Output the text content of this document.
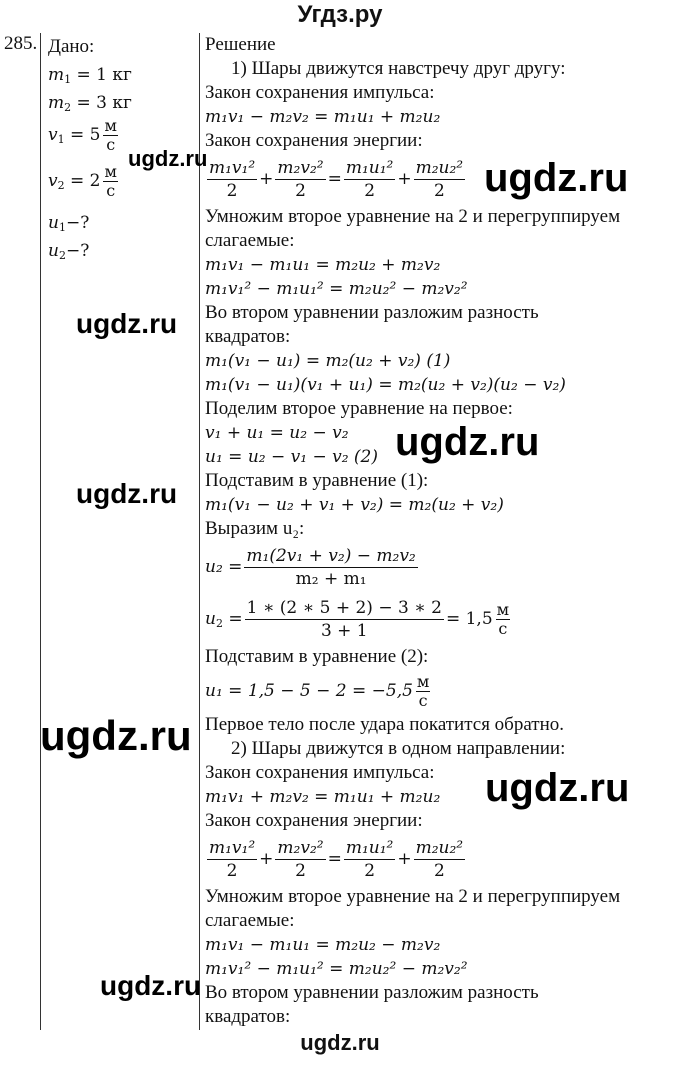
Угдз.ру
285. Дано:
$m_1 = 1$ кг
$m_2 = 3$ кг
$v_1 = 5$ м
с
$v_2 = 2$ м
с
$u_1-$?
$u_2-$?
Решение
1) Шары движутся навстречу друг другу:
Закон сохранения импульса:
m₁v₁ − m₂v₂ = m₁u₁ + m₂u₂
Закон сохранения энергии:
$\frac{\text{m₁v₁²}}{2} + \frac{\text{m₂v₂²}}{2} = \frac{\text{m₁u₁²}}{2} + \frac{\text{m₂u₂²}}{2}$
Умножим второе уравнение на 2 и перегруппируем
слагаемые:
m₁v₁ − m₁u₁ = m₂u₂ + m₂v₂
m₁v₁² − m₁u₁² = m₂u₂² − m₂v₂²
Во втором уравнении разложим разность
квадратов:
m₁(v₁ − u₁) = m₂(u₂ + v₂) (1)
m₁(v₁ − u₁)(v₁ + u₁) = m₂(u₂ + v₂)(u₂ − v₂)
Поделим второе уравнение на первое:
v₁ + u₁ = u₂ − v₂
u₁ = u₂ − v₁ − v₂ (2)
Подставим в уравнение (1):
m₁(v₁ − u₂ + v₁ + v₂) = m₂(u₂ + v₂)
Выразим u₂:
$u_2 = \frac{\text{m₁(2v₁ + v₂) − m₂v₂}}{\text{m₂ + m₁}}$
$u_2 = \frac{1 ∗ (2 ∗ 5 + 2) - 3 ∗ 2}{3 + 1} = 1,5$ м
с
Подставим в уравнение (2):
u₁ = 1,5 − 5 − 2 = −5,5 м
с
Первое тело после удара покатится обратно.
2) Шары движутся в одном направлении:
Закон сохранения импульса:
m₁v₁ + m₂v₂ = m₁u₁ + m₂u₂
Закон сохранения энергии:
$\frac{\text{m₁v₁²}}{2} + \frac{\text{m₂v₂²}}{2} = \frac{\text{m₁u₁²}}{2} + \frac{\text{m₂u₂²}}{2}$
Умножим второе уравнение на 2 и перегруппируем
слагаемые:
m₁v₁ − m₁u₁ = m₂u₂ − m₂v₂
m₁v₁² − m₁u₁² = m₂u₂² − m₂v₂²
Во втором уравнении разложим разность
квадратов:
ugdz.ru	ugdz.ru
ugdz.ru
ugdz.ru
ugdz.ru
ugdz.ru
ugdz.ru
ugdz.ru
ugdz.ru
